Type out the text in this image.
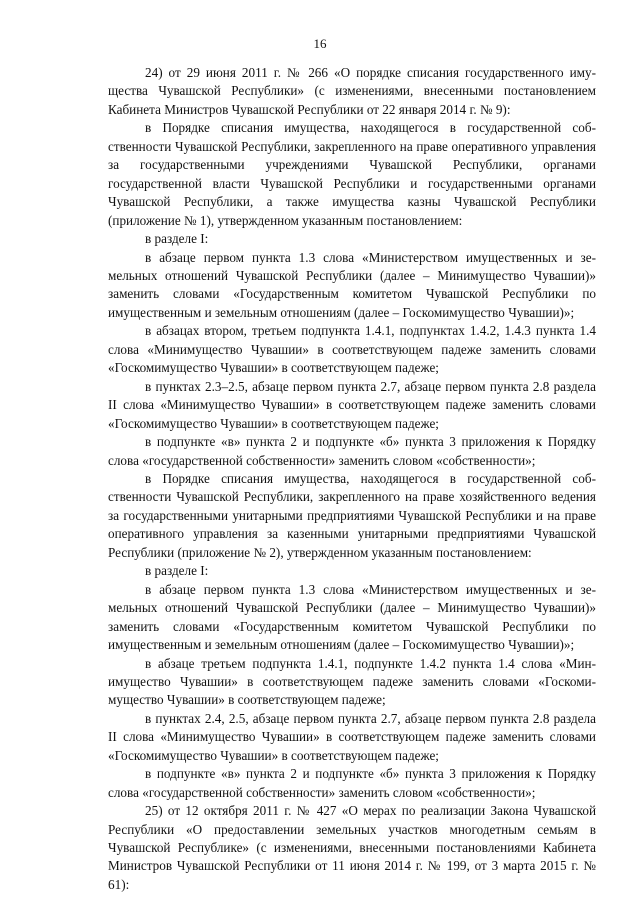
16

24) от 29 июня 2011 г. № 266 «О порядке списания государственного имущества Чувашской Республики» (с изменениями, внесенными постановлением Кабинета Министров Чувашской Республики от 22 января 2014 г. № 9):

в Порядке списания имущества, находящегося в государственной собственности Чувашской Республики, закрепленного на праве оперативного управления за государственными учреждениями Чувашской Республики, органами государственной власти Чувашской Республики и государственными органами Чувашской Республики, а также имущества казны Чувашской Республики (приложение № 1), утвержденном указанным постановлением:

в разделе I:

в абзаце первом пункта 1.3 слова «Министерством имущественных и земельных отношений Чувашской Республики (далее – Минимущество Чувашии)» заменить словами «Государственным комитетом Чувашской Республики по имущественным и земельным отношениям (далее – Госкомимущество Чувашии)»;

в абзацах втором, третьем подпункта 1.4.1, подпунктах 1.4.2, 1.4.3 пункта 1.4 слова «Минимущество Чувашии» в соответствующем падеже заменить словами «Госкомимущество Чувашии» в соответствующем падеже;

в пунктах 2.3–2.5, абзаце первом пункта 2.7, абзаце первом пункта 2.8 раздела II слова «Минимущество Чувашии» в соответствующем падеже заменить словами «Госкомимущество Чувашии» в соответствующем падеже;

в подпункте «в» пункта 2 и подпункте «б» пункта 3 приложения к Порядку слова «государственной собственности» заменить словом «собственности»;

в Порядке списания имущества, находящегося в государственной собственности Чувашской Республики, закрепленного на праве хозяйственного ведения за государственными унитарными предприятиями Чувашской Республики и на праве оперативного управления за казенными унитарными предприятиями Чувашской Республики (приложение № 2), утвержденном указанным постановлением:

в разделе I:

в абзаце первом пункта 1.3 слова «Министерством имущественных и земельных отношений Чувашской Республики (далее – Минимущество Чувашии)» заменить словами «Государственным комитетом Чувашской Республики по имущественным и земельным отношениям (далее – Госкомимущество Чувашии)»;

в абзаце третьем подпункта 1.4.1, подпункте 1.4.2 пункта 1.4 слова «Минимущество Чувашии» в соответствующем падеже заменить словами «Госкомимущество Чувашии» в соответствующем падеже;

в пунктах 2.4, 2.5, абзаце первом пункта 2.7, абзаце первом пункта 2.8 раздела II слова «Минимущество Чувашии» в соответствующем падеже заменить словами «Госкомимущество Чувашии» в соответствующем падеже;

в подпункте «в» пункта 2 и подпункте «б» пункта 3 приложения к Порядку слова «государственной собственности» заменить словом «собственности»;

25) от 12 октября 2011 г. № 427 «О мерах по реализации Закона Чувашской Республики «О предоставлении земельных участков многодетным семьям в Чувашской Республике» (с изменениями, внесенными постановлениями Кабинета Министров Чувашской Республики от 11 июня 2014 г. № 199, от 3 марта 2015 г. № 61):
